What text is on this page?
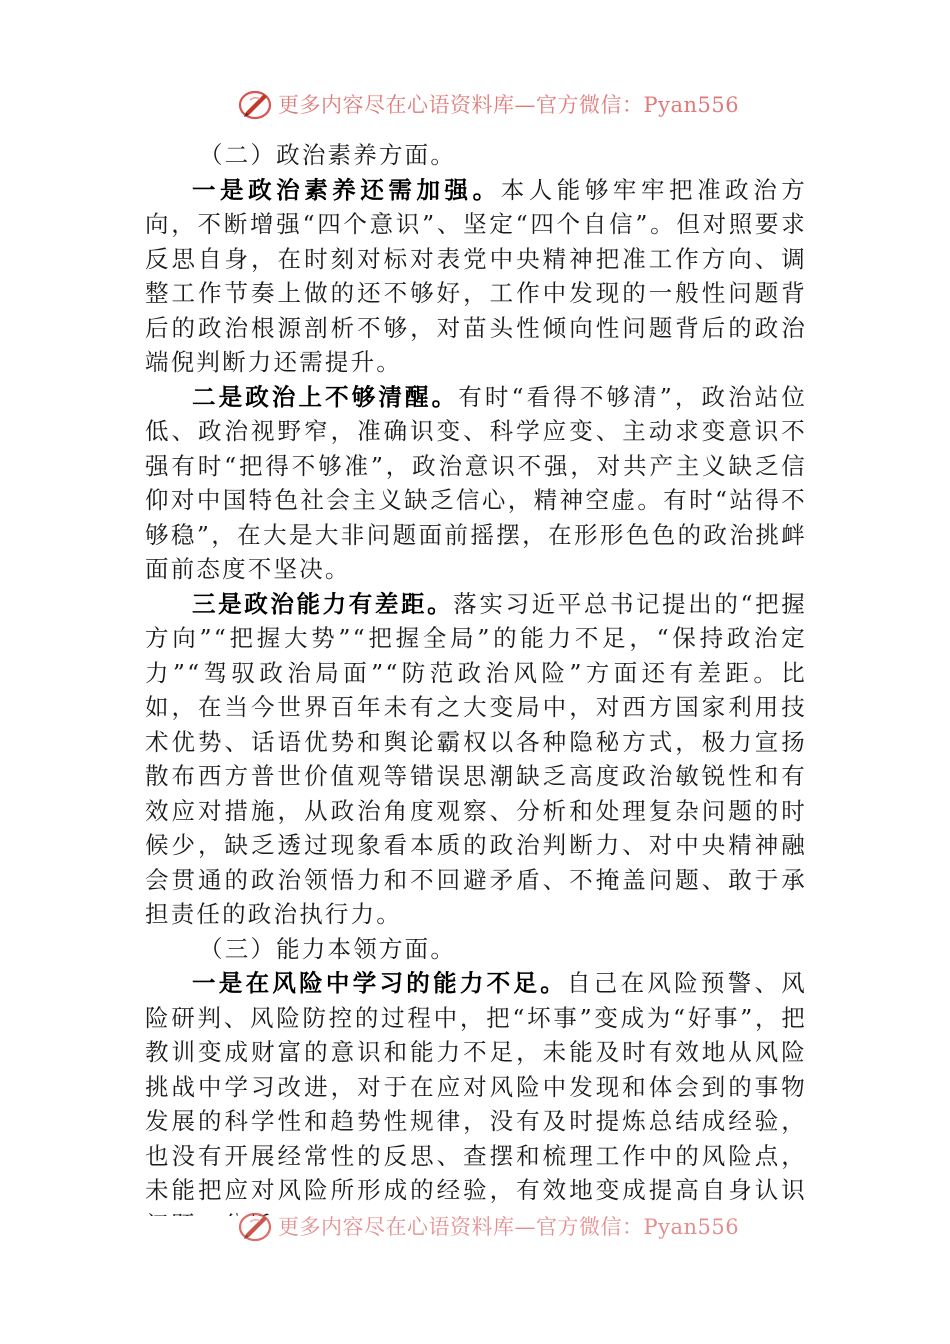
更多内容尽在心语资料库—官方微信：Pyan556

（二）政治素养方面。

一是政治素养还需加强。本人能够牢牢把准政治方向，不断增强“四个意识”、坚定“四个自信”。但对照要求反思自身，在时刻对标对表党中央精神把准工作方向、调整工作节奏上做的还不够好，工作中发现的一般性问题背后的政治根源剖析不够，对苗头性倾向性问题背后的政治端倪判断力还需提升。

二是政治上不够清醒。有时“看得不够清”，政治站位低、政治视野窄，准确识变、科学应变、主动求变意识不强有时“把得不够准”，政治意识不强，对共产主义缺乏信仰对中国特色社会主义缺乏信心，精神空虚。有时“站得不够稳”，在大是大非问题面前摇摆，在形形色色的政治挑衅面前态度不坚决。

三是政治能力有差距。落实习近平总书记提出的“把握方向”“把握大势”“把握全局”的能力不足，“保持政治定力”“驾驭政治局面”“防范政治风险”方面还有差距。比如，在当今世界百年未有之大变局中，对西方国家利用技术优势、话语优势和舆论霸权以各种隐秘方式，极力宣扬散布西方普世价值观等错误思潮缺乏高度政治敏锐性和有效应对措施，从政治角度观察、分析和处理复杂问题的时候少，缺乏透过现象看本质的政治判断力、对中央精神融会贯通的政治领悟力和不回避矛盾、不掩盖问题、敢于承担责任的政治执行力。

（三）能力本领方面。

一是在风险中学习的能力不足。自己在风险预警、风险研判、风险防控的过程中，把“坏事”变成为“好事”，把教训变成财富的意识和能力不足，未能及时有效地从风险挑战中学习改进，对于在应对风险中发现和体会到的事物发展的科学性和趋势性规律，没有及时提炼总结成经验，也没有开展经常性的反思、查摆和梳理工作中的风险点，未能把应对风险所形成的经验，有效地变成提高自身认识

更多内容尽在心语资料库—官方微信：Pyan556
